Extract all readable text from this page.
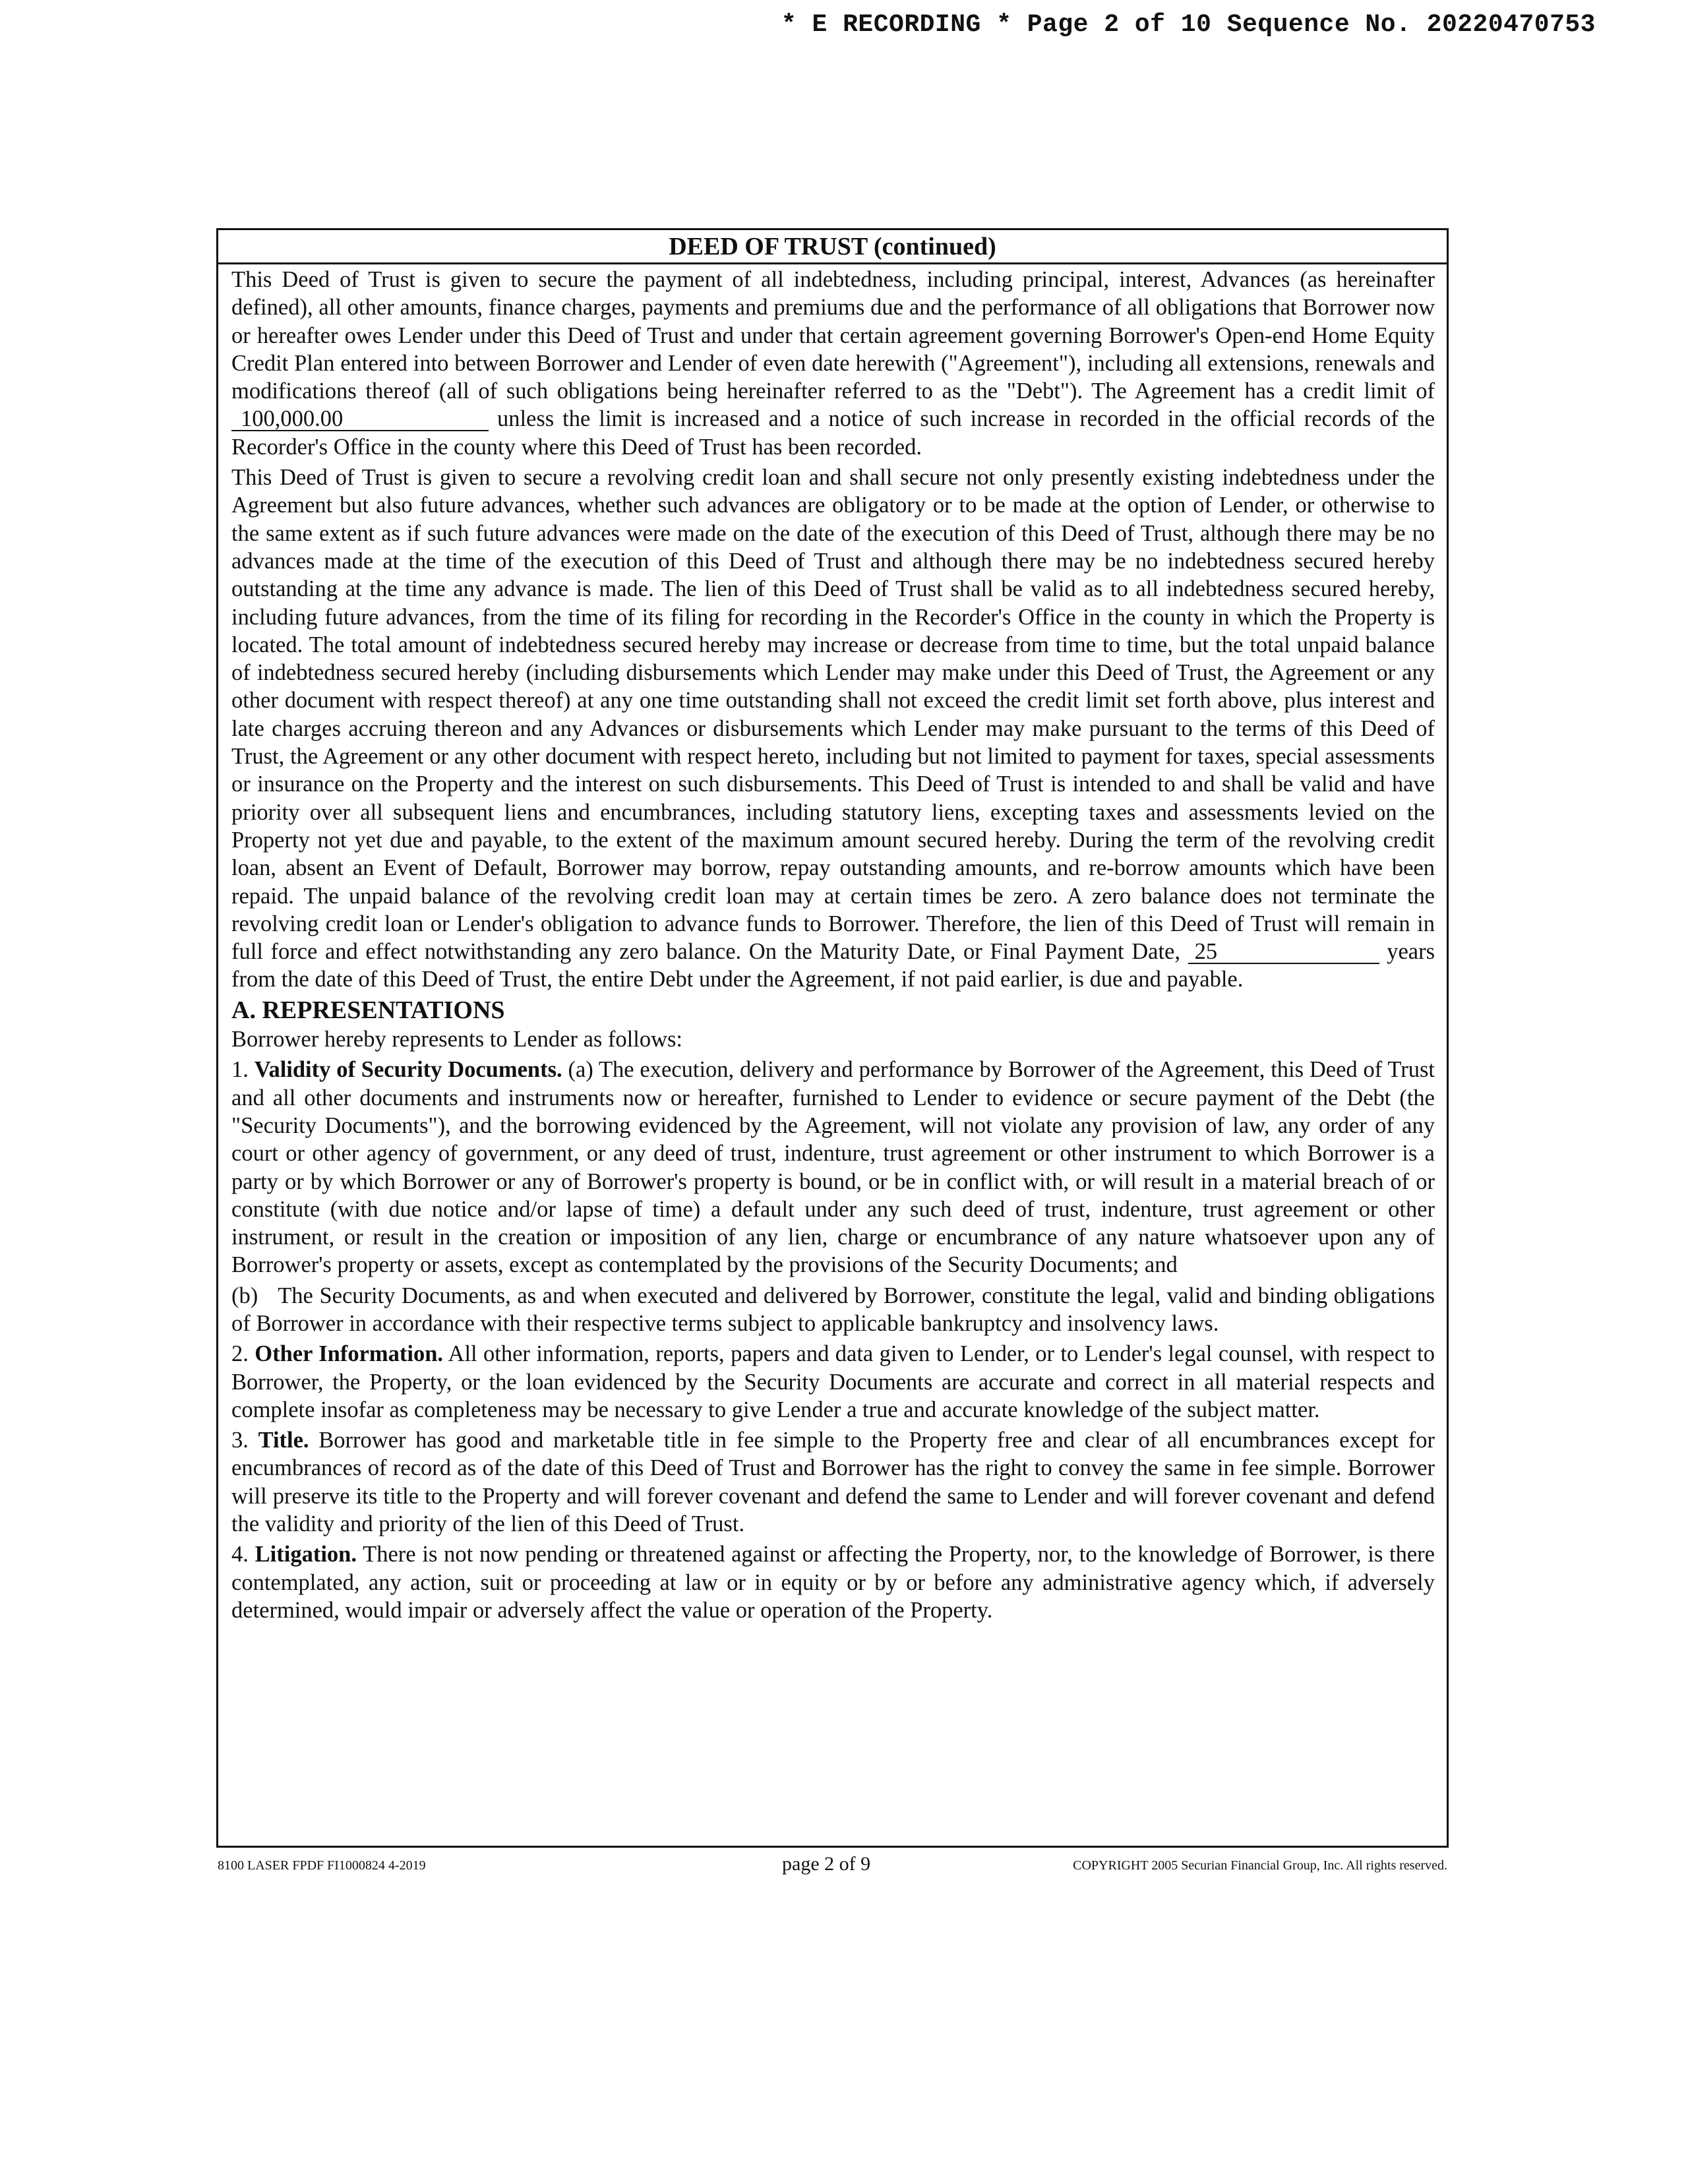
* E RECORDING * Page 2 of 10 Sequence No. 20220470753
DEED OF TRUST (continued)

This Deed of Trust is given to secure the payment of all indebtedness, including principal, interest, Advances (as hereinafter defined), all other amounts, finance charges, payments and premiums due and the performance of all obligations that Borrower now or hereafter owes Lender under this Deed of Trust and under that certain agreement governing Borrower's Open-end Home Equity Credit Plan entered into between Borrower and Lender of even date herewith ("Agreement"), including all extensions, renewals and modifications thereof (all of such obligations being hereinafter referred to as the "Debt"). The Agreement has a credit limit of 100,000.00	unless the limit is increased and a notice of such increase in recorded in the official records of the Recorder's Office in the county where this Deed of Trust has been recorded.

This Deed of Trust is given to secure a revolving credit loan and shall secure not only presently existing indebtedness under the Agreement but also future advances, whether such advances are obligatory or to be made at the option of Lender, or otherwise to the same extent as if such future advances were made on the date of the execution of this Deed of Trust, although there may be no advances made at the time of the execution of this Deed of Trust and although there may be no indebtedness secured hereby outstanding at the time any advance is made. The lien of this Deed of Trust shall be valid as to all indebtedness secured hereby, including future advances, from the time of its filing for recording in the Recorder's Office in the county in which the Property is located. The total amount of indebtedness secured hereby may increase or decrease from time to time, but the total unpaid balance of indebtedness secured hereby (including disbursements which Lender may make under this Deed of Trust, the Agreement or any other document with respect thereof) at any one time outstanding shall not exceed the credit limit set forth above, plus interest and late charges accruing thereon and any Advances or disbursements which Lender may make pursuant to the terms of this Deed of Trust, the Agreement or any other document with respect hereto, including but not limited to payment for taxes, special assessments or insurance on the Property and the interest on such disbursements. This Deed of Trust is intended to and shall be valid and have priority over all subsequent liens and encumbrances, including statutory liens, excepting taxes and assessments levied on the Property not yet due and payable, to the extent of the maximum amount secured hereby. During the term of the revolving credit loan, absent an Event of Default, Borrower may borrow, repay outstanding amounts, and re-borrow amounts which have been repaid. The unpaid balance of the revolving credit loan may at certain times be zero. A zero balance does not terminate the revolving credit loan or Lender's obligation to advance funds to Borrower. Therefore, the lien of this Deed of Trust will remain in full force and effect notwithstanding any zero balance. On the Maturity Date, or Final Payment Date, 25	years from the date of this Deed of Trust, the entire Debt under the Agreement, if not paid earlier, is due and payable.

A. REPRESENTATIONS

Borrower hereby represents to Lender as follows:

1. Validity of Security Documents. (a) The execution, delivery and performance by Borrower of the Agreement, this Deed of Trust and all other documents and instruments now or hereafter, furnished to Lender to evidence or secure payment of the Debt (the "Security Documents"), and the borrowing evidenced by the Agreement, will not violate any provision of law, any order of any court or other agency of government, or any deed of trust, indenture, trust agreement or other instrument to which Borrower is a party or by which Borrower or any of Borrower's property is bound, or be in conflict with, or will result in a material breach of or constitute (with due notice and/or lapse of time) a default under any such deed of trust, indenture, trust agreement or other instrument, or result in the creation or imposition of any lien, charge or encumbrance of any nature whatsoever upon any of Borrower's property or assets, except as contemplated by the provisions of the Security Documents; and

(b) The Security Documents, as and when executed and delivered by Borrower, constitute the legal, valid and binding obligations of Borrower in accordance with their respective terms subject to applicable bankruptcy and insolvency laws.

2. Other Information. All other information, reports, papers and data given to Lender, or to Lender's legal counsel, with respect to Borrower, the Property, or the loan evidenced by the Security Documents are accurate and correct in all material respects and complete insofar as completeness may be necessary to give Lender a true and accurate knowledge of the subject matter.

3. Title. Borrower has good and marketable title in fee simple to the Property free and clear of all encumbrances except for encumbrances of record as of the date of this Deed of Trust and Borrower has the right to convey the same in fee simple. Borrower will preserve its title to the Property and will forever covenant and defend the same to Lender and will forever covenant and defend the validity and priority of the lien of this Deed of Trust.

4. Litigation. There is not now pending or threatened against or affecting the Property, nor, to the knowledge of Borrower, is there contemplated, any action, suit or proceeding at law or in equity or by or before any administrative agency which, if adversely determined, would impair or adversely affect the value or operation of the Property.

8100 LASER FPDF FI1000824 4-2019	page 2 of 9	COPYRIGHT 2005 Securian Financial Group, Inc. All rights reserved.
